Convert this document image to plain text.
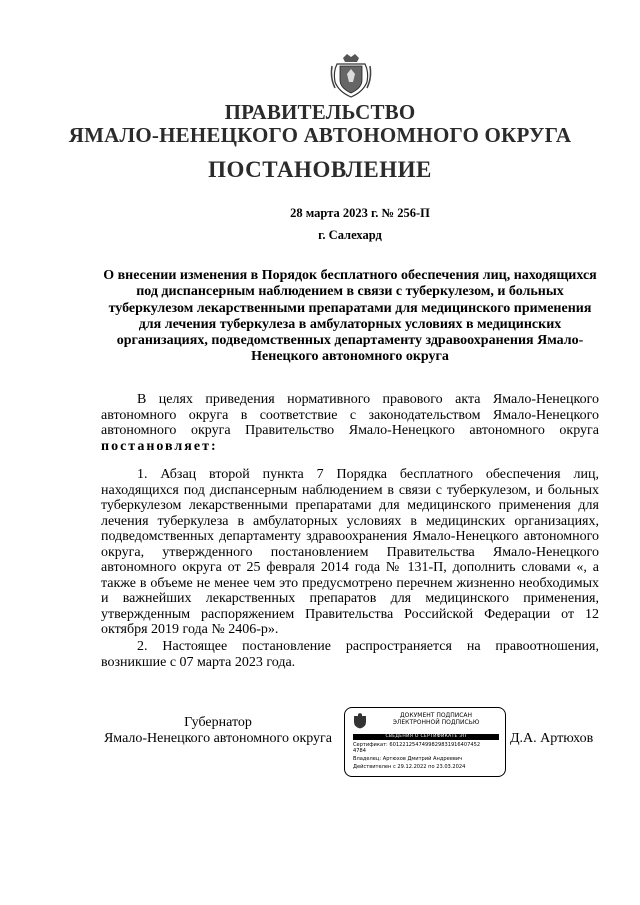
ПРАВИТЕЛЬСТВО
ЯМАЛО-НЕНЕЦКОГО АВТОНОМНОГО ОКРУГА
ПОСТАНОВЛЕНИЕ
28 марта 2023 г. № 256-П
г. Салехард
О внесении изменения в Порядок бесплатного обеспечения лиц, находящихся под диспансерным наблюдением в связи с туберкулезом, и больных туберкулезом лекарственными препаратами для медицинского применения для лечения туберкулеза в амбулаторных условиях в медицинских организациях, подведомственных департаменту здравоохранения Ямало-Ненецкого автономного округа
В целях приведения нормативного правового акта Ямало-Ненецкого автономного округа в соответствие с законодательством Ямало-Ненецкого автономного округа Правительство Ямало-Ненецкого автономного округа постановляет:
1. Абзац второй пункта 7 Порядка бесплатного обеспечения лиц, находящихся под диспансерным наблюдением в связи с туберкулезом, и больных туберкулезом лекарственными препаратами для медицинского применения для лечения туберкулеза в амбулаторных условиях в медицинских организациях, подведомственных департаменту здравоохранения Ямало-Ненецкого автономного округа, утвержденного постановлением Правительства Ямало-Ненецкого автономного округа от 25 февраля 2014 года № 131-П, дополнить словами «, а также в объеме не менее чем это предусмотрено перечнем жизненно необходимых и важнейших лекарственных препаратов для медицинского применения, утвержденным распоряжением Правительства Российской Федерации от 12 октября 2019 года № 2406-р».
2. Настоящее постановление распространяется на правоотношения, возникшие с 07 марта 2023 года.
Губернатор
Ямало-Ненецкого автономного округа
ДОКУМЕНТ ПОДПИСАН
ЭЛЕКТРОННОЙ ПОДПИСЬЮ
СВЕДЕНИЯ О СЕРТИФИКАТЕ ЭП
Сертификат: 6012212547499829831916407452
4784
Владелец: Артюхов Дмитрий Андреевич
Действителен с 29.12.2022 по 23.03.2024
Д.А. Артюхов
